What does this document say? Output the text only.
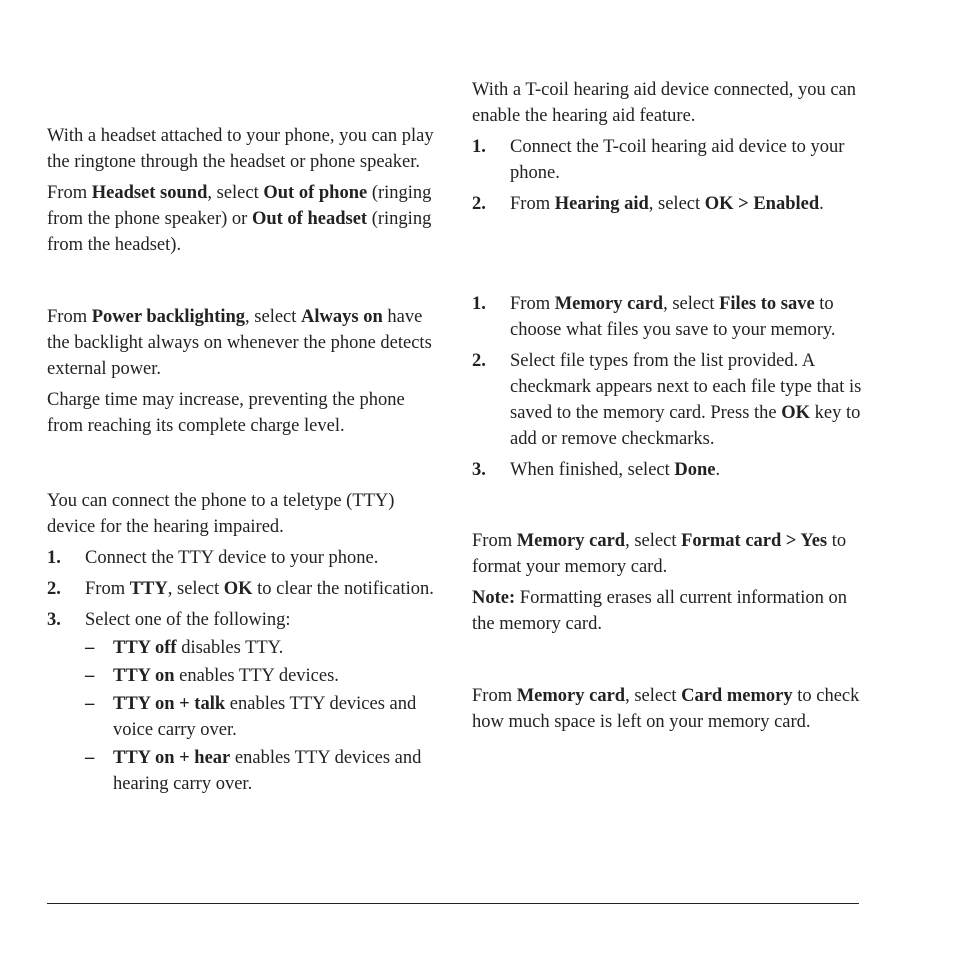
With a headset attached to your phone, you can play the ringtone through the headset or phone speaker.

From Headset sound, select Out of phone (ringing from the phone speaker) or Out of headset (ringing from the headset).

From Power backlighting, select Always on have the backlight always on whenever the phone detects external power.

Charge time may increase, preventing the phone from reaching its complete charge level.

You can connect the phone to a teletype (TTY) device for the hearing impaired.

1. Connect the TTY device to your phone.
2. From TTY, select OK to clear the notification.
3. Select one of the following:
– TTY off disables TTY.
– TTY on enables TTY devices.
– TTY on + talk enables TTY devices and voice carry over.
– TTY on + hear enables TTY devices and hearing carry over.

With a T-coil hearing aid device connected, you can enable the hearing aid feature.

1. Connect the T-coil hearing aid device to your phone.
2. From Hearing aid, select OK > Enabled.
1. From Memory card, select Files to save to choose what files you save to your memory.
2. Select file types from the list provided. A checkmark appears next to each file type that is saved to the memory card. Press the OK key to add or remove checkmarks.
3. When finished, select Done.

From Memory card, select Format card > Yes to format your memory card.

Note: Formatting erases all current information on the memory card.

From Memory card, select Card memory to check how much space is left on your memory card.
